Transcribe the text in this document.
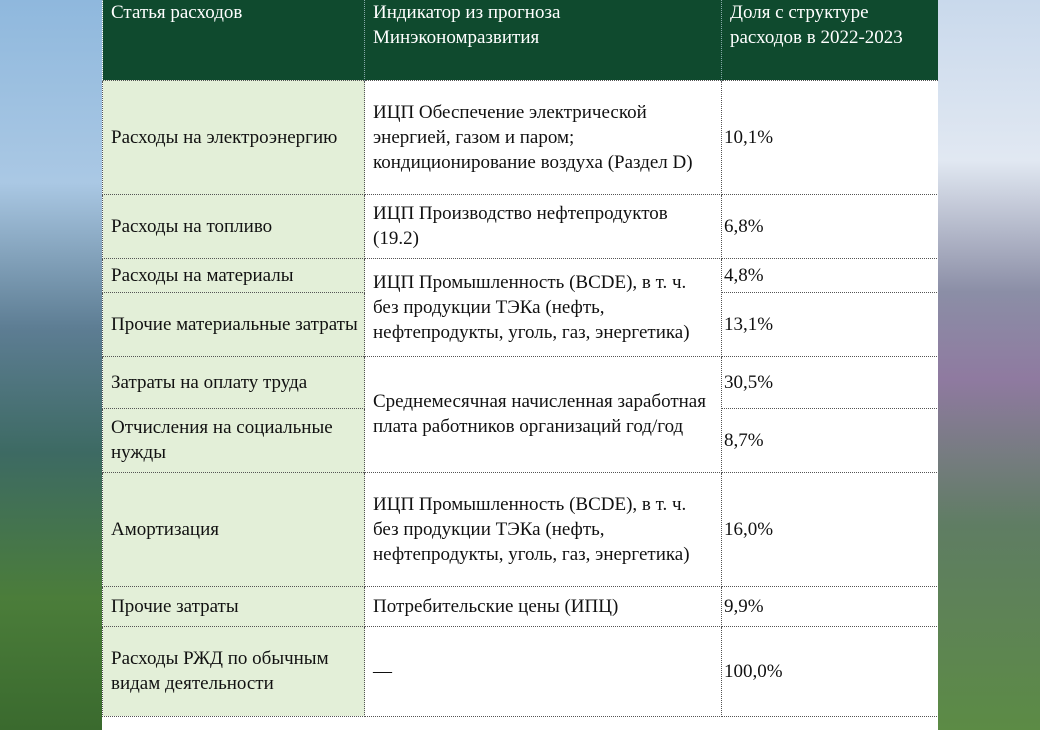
Статья расходов	Индикатор из прогноза Минэкономразвития	Доля с структуре расходов в 2022-2023
Расходы на электроэнергию	ИЦП Обеспечение электрической энергией, газом и паром; кондиционирование воздуха (Раздел D)	10,1%
Расходы на топливо	ИЦП Производство нефтепродуктов (19.2)	6,8%
Расходы на материалы	ИЦП Промышленность (BCDE), в т. ч. без продукции ТЭКа (нефть, нефтепродукты, уголь, газ, энергетика)	4,8%
Прочие материальные затраты		13,1%
Затраты на оплату труда	Среднемесячная начисленная заработная плата работников организаций год/год	30,5%
Отчисления на социальные нужды		8,7%
Амортизация	ИЦП Промышленность (BCDE), в т. ч. без продукции ТЭКа (нефть, нефтепродукты, уголь, газ, энергетика)	16,0%
Прочие затраты	Потребительские цены (ИПЦ)	9,9%
Расходы РЖД по обычным видам деятельности	—	100,0%
